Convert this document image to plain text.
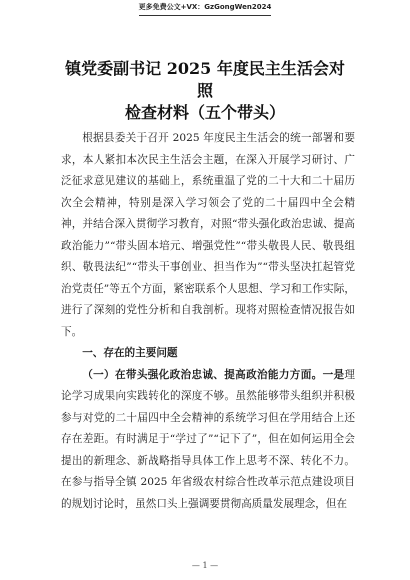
更多免费公文+VX：GzGongWen2024
镇党委副书记 2025 年度民主生活会对照
检查材料（五个带头）

根据县委关于召开 2025 年度民主生活会的统一部署和要求，本人紧扣本次民主生活会主题，在深入开展学习研讨、广泛征求意见建议的基础上，系统重温了党的二十大和二十届历次全会精神，特别是深入学习领会了党的二十届四中全会精神，并结合深入贯彻学习教育，对照“带头强化政治忠诚、提高政治能力”“带头固本培元、增强党性”“带头敬畏人民、敬畏组织、敬畏法纪”“带头干事创业、担当作为”“带头坚决扛起管党治党责任”等五个方面，紧密联系个人思想、学习和工作实际，进行了深刻的党性分析和自我剖析。现将对照检查情况报告如下。

一、存在的主要问题

（一）在带头强化政治忠诚、提高政治能力方面。一是理论学习成果向实践转化的深度不够。虽然能够带头组织并积极参与对党的二十届四中全会精神的系统学习但在学用结合上还存在差距。有时满足于“学过了”“记下了”，但在如何运用全会提出的新理念、新战略指导具体工作上思考不深、转化不力。在参与指导全镇 2025 年省级农村综合性改革示范点建设项目的规划讨论时，虽然口头上强调要贯彻高质量发展理念，但在

— 1 —
